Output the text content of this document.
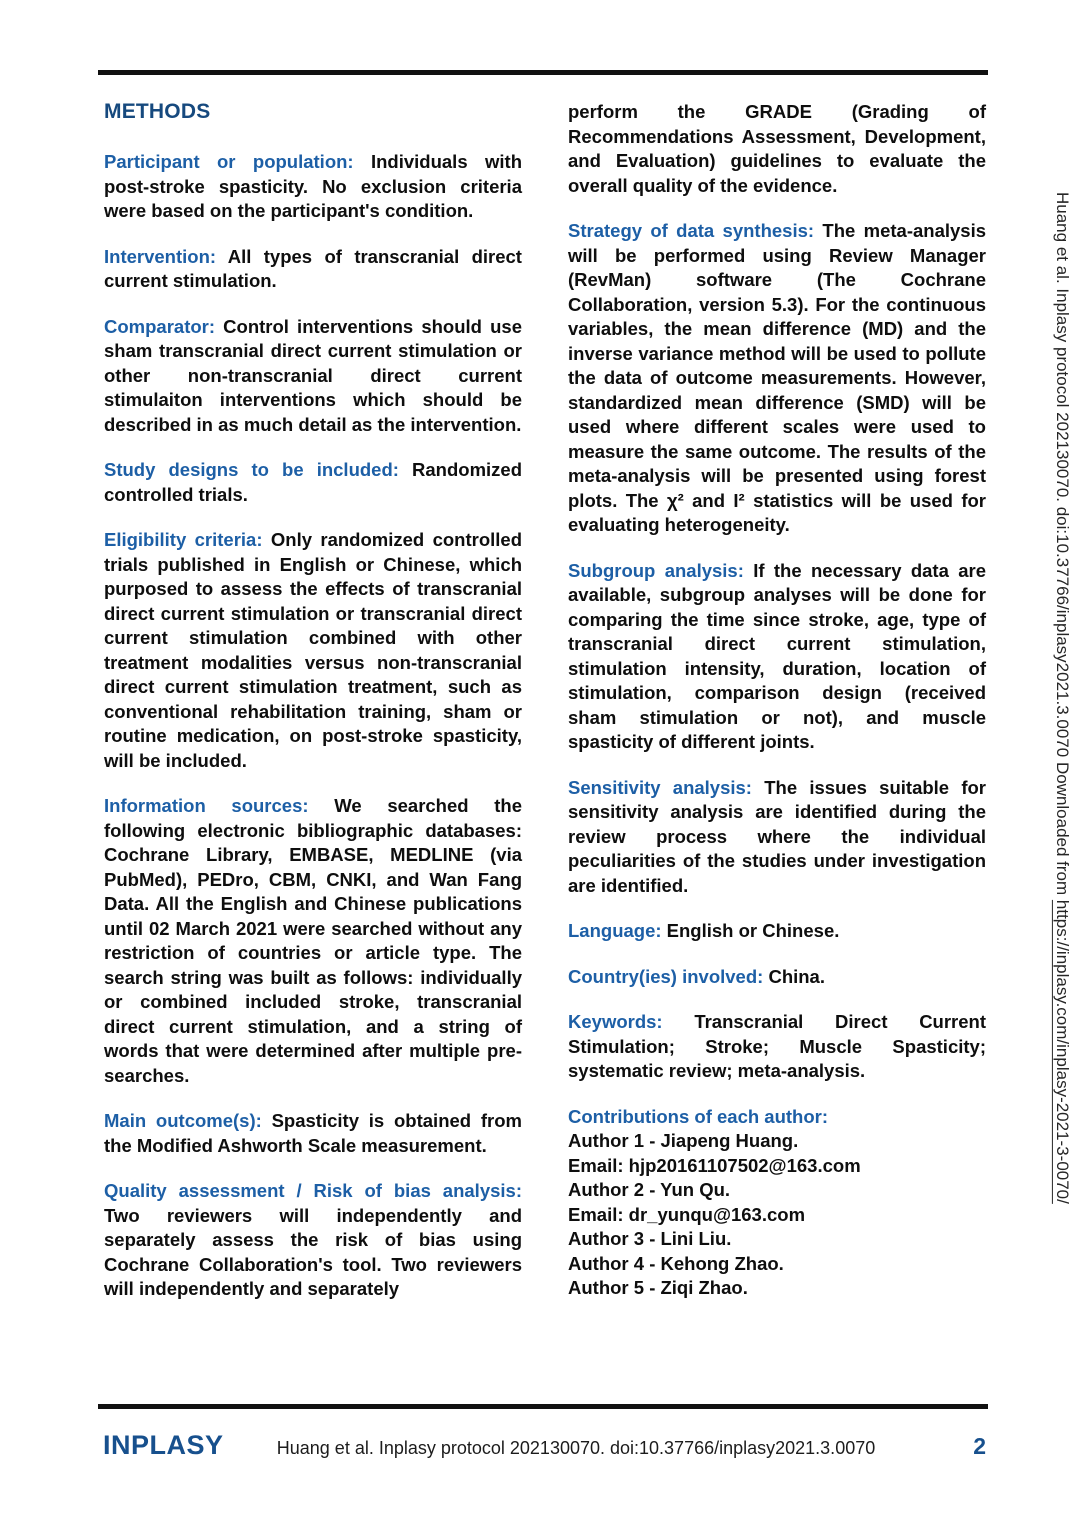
METHODS

Participant or population: Individuals with post-stroke spasticity. No exclusion criteria were based on the participant's condition.

Intervention: All types of transcranial direct current stimulation.

Comparator: Control interventions should use sham transcranial direct current stimulation or other non-transcranial direct current stimulaiton interventions which should be described in as much detail as the intervention.

Study designs to be included: Randomized controlled trials.

Eligibility criteria: Only randomized controlled trials published in English or Chinese, which purposed to assess the effects of transcranial direct current stimulation or transcranial direct current stimulation combined with other treatment modalities versus non-transcranial direct current stimulation treatment, such as conventional rehabilitation training, sham or routine medication, on post-stroke spasticity, will be included.

Information sources: We searched the following electronic bibliographic databases: Cochrane Library, EMBASE, MEDLINE (via PubMed), PEDro, CBM, CNKI, and Wan Fang Data. All the English and Chinese publications until 02 March 2021 were searched without any restriction of countries or article type. The search string was built as follows: individually or combined included stroke, transcranial direct current stimulation, and a string of words that were determined after multiple pre-searches.

Main outcome(s): Spasticity is obtained from the Modified Ashworth Scale measurement.

Quality assessment / Risk of bias analysis:Two reviewers will independently and separately assess the risk of bias using Cochrane Collaboration's tool. Two reviewers will independently and separately

perform the GRADE (Grading of Recommendations Assessment, Development, and Evaluation) guidelines to evaluate the overall quality of the evidence.

Strategy of data synthesis: The meta-analysis will be performed using Review Manager (RevMan) software (The Cochrane Collaboration, version 5.3). For the continuous variables, the mean difference (MD) and the inverse variance method will be used to pollute the data of outcome measurements. However, standardized mean difference (SMD) will be used where different scales were used to measure the same outcome. The results of the meta-analysis will be presented using forest plots. The χ² and I² statistics will be used for evaluating heterogeneity.

Subgroup analysis: If the necessary data are available, subgroup analyses will be done for comparing the time since stroke, age, type of transcranial direct current stimulation, stimulation intensity, duration, location of stimulation, comparison design (received sham stimulation or not), and muscle spasticity of different joints.

Sensitivity analysis: The issues suitable for sensitivity analysis are identified during the review process where the individual peculiarities of the studies under investigation are identified.

Language: English or Chinese.

Country(ies) involved: China.

Keywords: Transcranial Direct Current Stimulation; Stroke; Muscle Spasticity; systematic review; meta-analysis.

Contributions of each author:
Author 1 - Jiapeng Huang.
Email: hjp20161107502@163.com
Author 2 - Yun Qu.
Email: dr_yunqu@163.com
Author 3 - Lini Liu.
Author 4 - Kehong Zhao.
Author 5 - Ziqi Zhao.

Huang et al. Inplasy protocol 202130070. doi:10.37766/inplasy2021.3.0070 Downloaded from https://inplasy.com/inplasy-2021-3-0070/
INPLASY	Huang et al. Inplasy protocol 202130070. doi:10.37766/inplasy2021.3.0070	2
